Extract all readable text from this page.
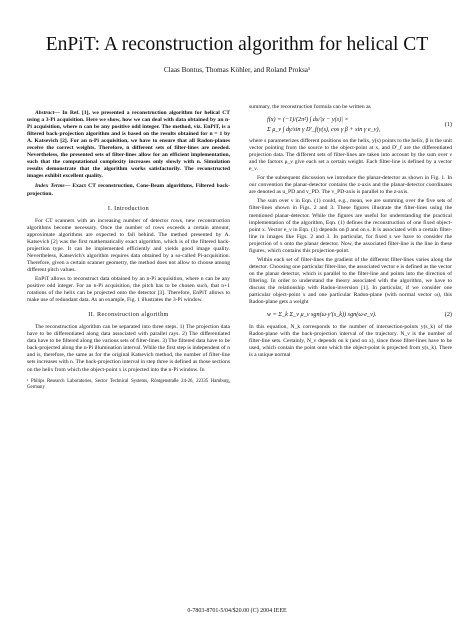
EnPiT: A reconstruction algorithm for helical CT
Claas Bontus, Thomas Köhler, and Roland Proksa¹

Abstract— In Ref. [1], we presented a reconstruction algorithm for helical CT using a 3-Pi acquisition. Here we show, how we can deal with data obtained by an n-Pi acquisition, where n can be any positive odd integer. The method, viz. EnPiT, is a filtered back-projection algorithm and is based on the results obtained for n = 1 by A. Katsevich [2]. For an n-Pi acquisition, we have to ensure that all Radon-planes receive the correct weights. Therefore, n different sets of filter-lines are needed. Nevertheless, the presented sets of filter-lines allow for an efficient implementation, such that the computational complexity increases only slowly with n. Simulation results demonstrate that the algorithm works satisfactorily. The reconstructed images exhibit excellent quality.

Index Terms— Exact CT reconstruction, Cone-Beam algorithms, Filtered back-projection.

I. Introduction

For CT scanners with an increasing number of detector rows, new reconstruction algorithms become necessary. Once the number of rows exceeds a certain amount, approximate algorithms are expected to fall behind. The method presented by A. Katsevich [2] was the first mathematically exact algorithm, which is of the filtered back-projection type. It can be implemented efficiently and yields good image quality. Nevertheless, Katsevich's algorithm requires data obtained by a so-called Pi-acquisition. Therefore, given a certain scanner geometry, the method does not allow to choose among different pitch values.

EnPiT allows to reconstruct data obtained by an n-Pi acquisition, where n can be any positive odd integer. For an n-Pi acquisition, the pitch has to be chosen such, that n+1 rotations of the helix can be projected onto the detector [3]. Therefore, EnPiT allows to make use of redundant data. As an example, Fig. 1 illustrates the 3-Pi window.

II. Reconstruction algorithm

The reconstruction algorithm can be separated into three steps. 1) The projection data have to be differentiated along data associated with parallel rays. 2) The differentiated data have to be filtered along the various sets of filter-lines. 3) The filtered data have to be back-projected along the n-Pi illumination interval. While the first step is independent of n and is, therefore, the same as for the original Katsevich method, the number of filter-line sets increases with n. The back-projection interval in step three is defined as those sections on the helix from which the object-point x is projected into the n-Pi window. In

¹ Philips Research Laboratories, Sector Technical Systems, Röntgenstraße 24-26, 22335 Hamburg, Germany

summary, the reconstruction formula can be written as

f(x) = (−1)/(2π²) ∫ ds/|x − y(s)| ×
Σ μ_ν ∫ dγ/sin γ D′_f(y(s), cos γ β + sin γ e_ν),
(1)

where s parameterizes different positions on the helix, y(s) points to the helix, β is the unit vector pointing from the source to the object-point at x, and D′_f are the differentiated projection data. The different sets of filter-lines are taken into account by the sum over ν and the factors μ_ν give each set a certain weight. Each filter-line is defined by a vector e_ν.

For the subsequent discussion we introduce the planar-detector as shown in Fig. 1. In our convention the planar-detector contains the z-axis and the planar-detector coordinates are denoted as u_PD and v_PD. The v_PD-axis is parallel to the z-axis.

The sum over ν in Eqn. (1) could, e.g., mean, we are summing over the five sets of filter-lines shown in Figs. 2 and 3. These figures illustrate the filter-lines using the mentioned planar-detector. While the figures are useful for understanding the practical implementation of the algorithm, Eqn. (1) defines the reconstruction of one fixed object-point x. Vector e_ν in Eqn. (1) depends on β and on s. It is associated with a certain filter-line in images like Figs. 2 and 3. In particular, for fixed s we have to consider the projection of x onto the planar detector. Now, the associated filter-line is the line in these figures, which contains this projection-point.

Within each set of filter-lines the gradient of the different filter-lines varies along the detector. Choosing one particular filter-line, the associated vector e is defined as the vector on the planar detector, which is parallel to the filter-line and points into the direction of filtering. In order to understand the theory associated with the algorithm, we have to discuss the relationship with Radon-inversion [1]. In particular, if we consider one particular object-point x and one particular Radon-plane (with normal vector ω), this Radon-plane gets a weight

w = Σ_k Σ_ν μ_ν sgn(ω·y′(s_k)) sgn(ω·e_ν).	(2)

In this equation, N_k corresponds to the number of intersection-points y(s_k) of the Radon-plane with the back-projection interval of the trajectory. N_ν is the number of filter-line sets. Certainly, N_ν depends on k (and on x), since those filter-lines have to be used, which contain the point onto which the object-point is projected from y(s_k). There is a unique normal

0-7803-8701-5/04/$20.00 (C) 2004 IEEE
